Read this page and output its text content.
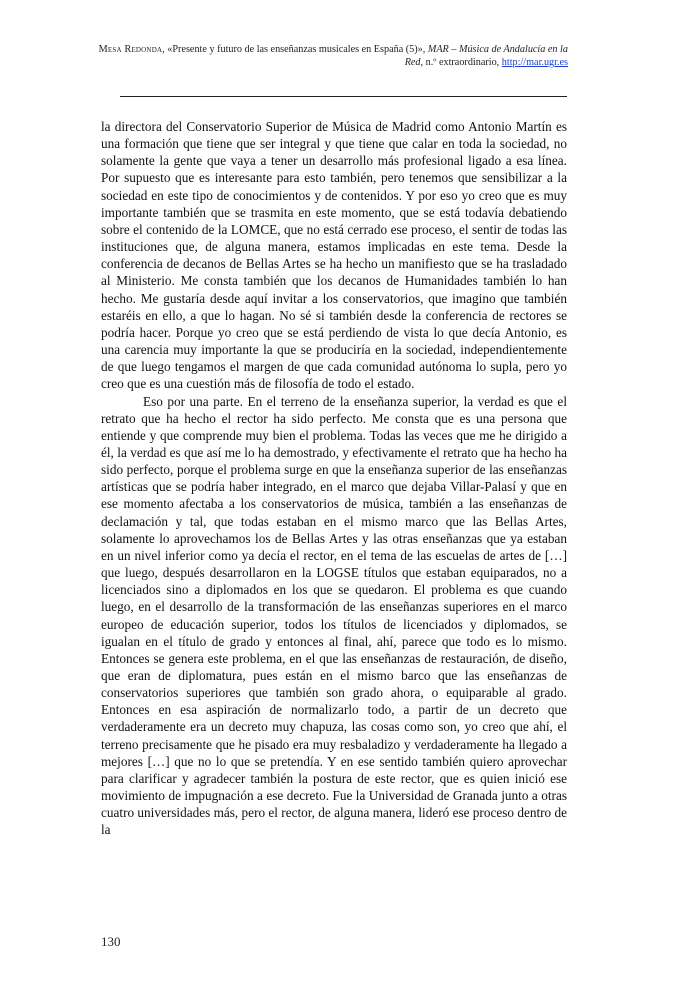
Mesa Redonda, «Presente y futuro de las enseñanzas musicales en España (5)», MAR – Música de Andalucía en la Red, n.º extraordinario, http://mar.ugr.es

la directora del Conservatorio Superior de Música de Madrid como Antonio Martín es una formación que tiene que ser integral y que tiene que calar en toda la sociedad, no solamente la gente que vaya a tener un desarrollo más profesional ligado a esa línea. Por supuesto que es interesante para esto también, pero tenemos que sensibilizar a la sociedad en este tipo de conocimientos y de contenidos. Y por eso yo creo que es muy importante también que se trasmita en este momento, que se está todavía debatiendo sobre el contenido de la LOMCE, que no está cerrado ese proceso, el sentir de todas las instituciones que, de alguna manera, estamos implicadas en este tema. Desde la conferencia de decanos de Bellas Artes se ha hecho un manifiesto que se ha trasladado al Ministerio. Me consta también que los decanos de Humanidades también lo han hecho. Me gustaría desde aquí invitar a los conservatorios, que imagino que también estaréis en ello, a que lo hagan. No sé si también desde la conferencia de rectores se podría hacer. Porque yo creo que se está perdiendo de vista lo que decía Antonio, es una carencia muy importante la que se produciría en la sociedad, independientemente de que luego tengamos el margen de que cada comunidad autónoma lo supla, pero yo creo que es una cuestión más de filosofía de todo el estado.

Eso por una parte. En el terreno de la enseñanza superior, la verdad es que el retrato que ha hecho el rector ha sido perfecto. Me consta que es una persona que entiende y que comprende muy bien el problema. Todas las veces que me he dirigido a él, la verdad es que así me lo ha demostrado, y efectivamente el retrato que ha hecho ha sido perfecto, porque el problema surge en que la enseñanza superior de las enseñanzas artísticas que se podría haber integrado, en el marco que dejaba Villar-Palasí y que en ese momento afectaba a los conservatorios de música, también a las enseñanzas de declamación y tal, que todas estaban en el mismo marco que las Bellas Artes, solamente lo aprovechamos los de Bellas Artes y las otras enseñanzas que ya estaban en un nivel inferior como ya decía el rector, en el tema de las escuelas de artes de […] que luego, después desarrollaron en la LOGSE títulos que estaban equiparados, no a licenciados sino a diplomados en los que se quedaron. El problema es que cuando luego, en el desarrollo de la transformación de las enseñanzas superiores en el marco europeo de educación superior, todos los títulos de licenciados y diplomados, se igualan en el título de grado y entonces al final, ahí, parece que todo es lo mismo. Entonces se genera este problema, en el que las enseñanzas de restauración, de diseño, que eran de diplomatura, pues están en el mismo barco que las enseñanzas de conservatorios superiores que también son grado ahora, o equiparable al grado. Entonces en esa aspiración de normalizarlo todo, a partir de un decreto que verdaderamente era un decreto muy chapuza, las cosas como son, yo creo que ahí, el terreno precisamente que he pisado era muy resbaladizo y verdaderamente ha llegado a mejores […] que no lo que se pretendía. Y en ese sentido también quiero aprovechar para clarificar y agradecer también la postura de este rector, que es quien inició ese movimiento de impugnación a ese decreto. Fue la Universidad de Granada junto a otras cuatro universidades más, pero el rector, de alguna manera, lideró ese proceso dentro de la

130
